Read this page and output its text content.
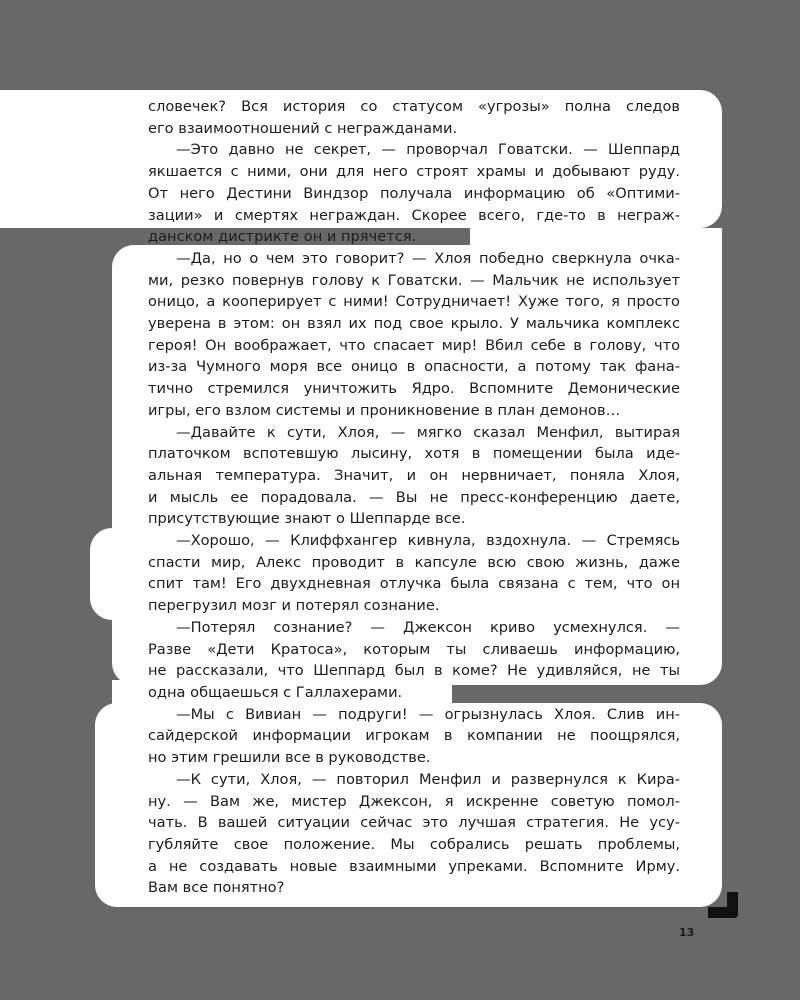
словечек? Вся история со статусом «угрозы» полна следов
его взаимоотношений с негражданами.

—Это давно не секрет, — проворчал Говатски. — Шеппард
якшается с ними, они для него строят храмы и добывают руду.
От него Дестини Виндзор получала информацию об «Оптими-
зации» и смертях неграждан. Скорее всего, где-то в неграж-
данском дистрикте он и прячется.

—Да, но о чем это говорит? — Хлоя победно сверкнула очка-
ми, резко повернув голову к Говатски. — Мальчик не использует
оницо, а кооперирует с ними! Сотрудничает! Хуже того, я просто
уверена в этом: он взял их под свое крыло. У мальчика комплекс
героя! Он воображает, что спасает мир! Вбил себе в голову, что
из-за Чумного моря все оницо в опасности, а потому так фана-
тично стремился уничтожить Ядро. Вспомните Демонические
игры, его взлом системы и проникновение в план демонов…

—Давайте к сути, Хлоя, — мягко сказал Менфил, вытирая
платочком вспотевшую лысину, хотя в помещении была иде-
альная температура. Значит, и он нервничает, поняла Хлоя,
и мысль ее порадовала. — Вы не пресс-конференцию даете,
присутствующие знают о Шеппарде все.

—Хорошо, — Клиффхангер кивнула, вздохнула. — Стремясь
спасти мир, Алекс проводит в капсуле всю свою жизнь, даже
спит там! Его двухдневная отлучка была связана с тем, что он
перегрузил мозг и потерял сознание.

—Потерял сознание? — Джексон криво усмехнулся. —
Разве «Дети Кратоса», которым ты сливаешь информацию,
не рассказали, что Шеппард был в коме? Не удивляйся, не ты
одна общаешься с Галлахерами.

—Мы с Вивиан — подруги! — огрызнулась Хлоя. Слив ин-
сайдерской информации игрокам в компании не поощрялся,
но этим грешили все в руководстве.

—К сути, Хлоя, — повторил Менфил и развернулся к Кира-
ну. — Вам же, мистер Джексон, я искренне советую помол-
чать. В вашей ситуации сейчас это лучшая стратегия. Не усу-
губляйте свое положение. Мы собрались решать проблемы,
а не создавать новые взаимными упреками. Вспомните Ирму.
Вам все понятно?

13
